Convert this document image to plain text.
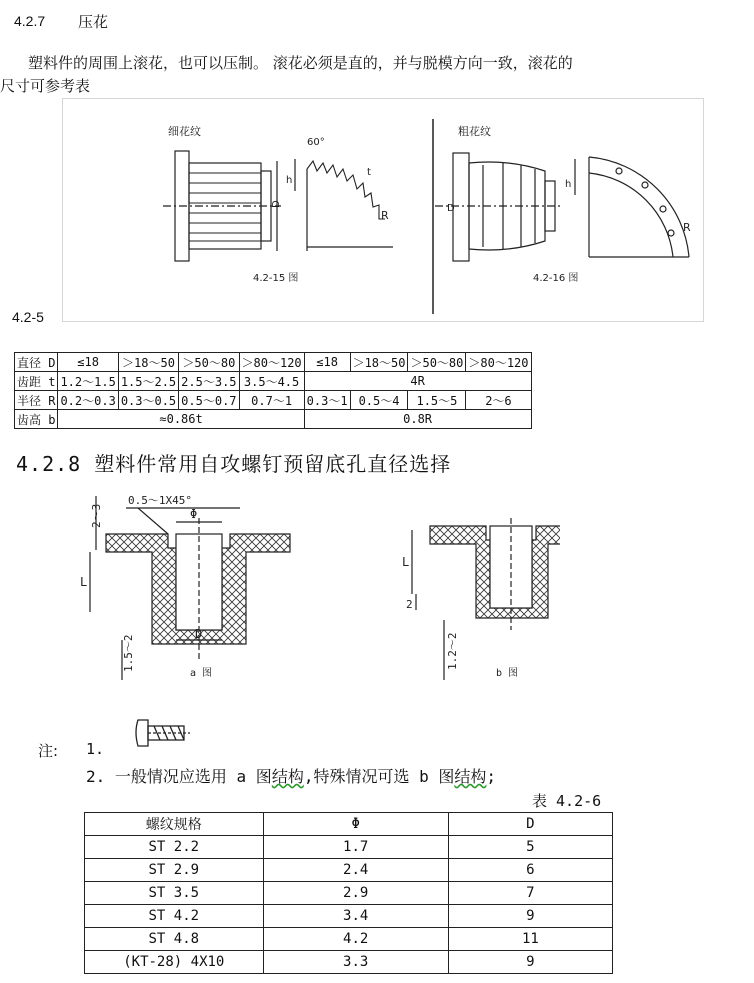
4.2.7 压花
塑料件的周围上滚花，也可以压制。 滚花必须是直的，并与脱模方向一致，滚花的
尺寸可参考表
细花纹
D
h
60°
t
R
4.2-15 图
粗花纹
D
h
R
4.2-16 图
4.2-5
直径 D	≤18	＞18～50	＞50～80	＞80～120	≤18	＞18～50	＞50～80	＞80～120
齿距 t	1.2～1.5	1.5～2.5	2.5～3.5	3.5～4.5	4R			
半径 R	0.2～0.3	0.3～0.5	0.5～0.7	0.7～1	0.3～1	0.5～4	1.5～5	2～6
齿高 b	≈0.86t				0.8R			
4.2.8 塑料件常用自攻螺钉预留底孔直径选择
Φ
0.5～1X45°
2～3
L
D
1.5～2
a 图
L
2
1.2～2
b 图
注: 1.
2. 一般情况应选用 a 图结构,特殊情况可选 b 图结构;
表 4.2-6
螺纹规格	Φ	D
ST 2.2	1.7	5
ST 2.9	2.4	6
ST 3.5	2.9	7
ST 4.2	3.4	9
ST 4.8	4.2	11
(KT-28) 4X10	3.3	9
